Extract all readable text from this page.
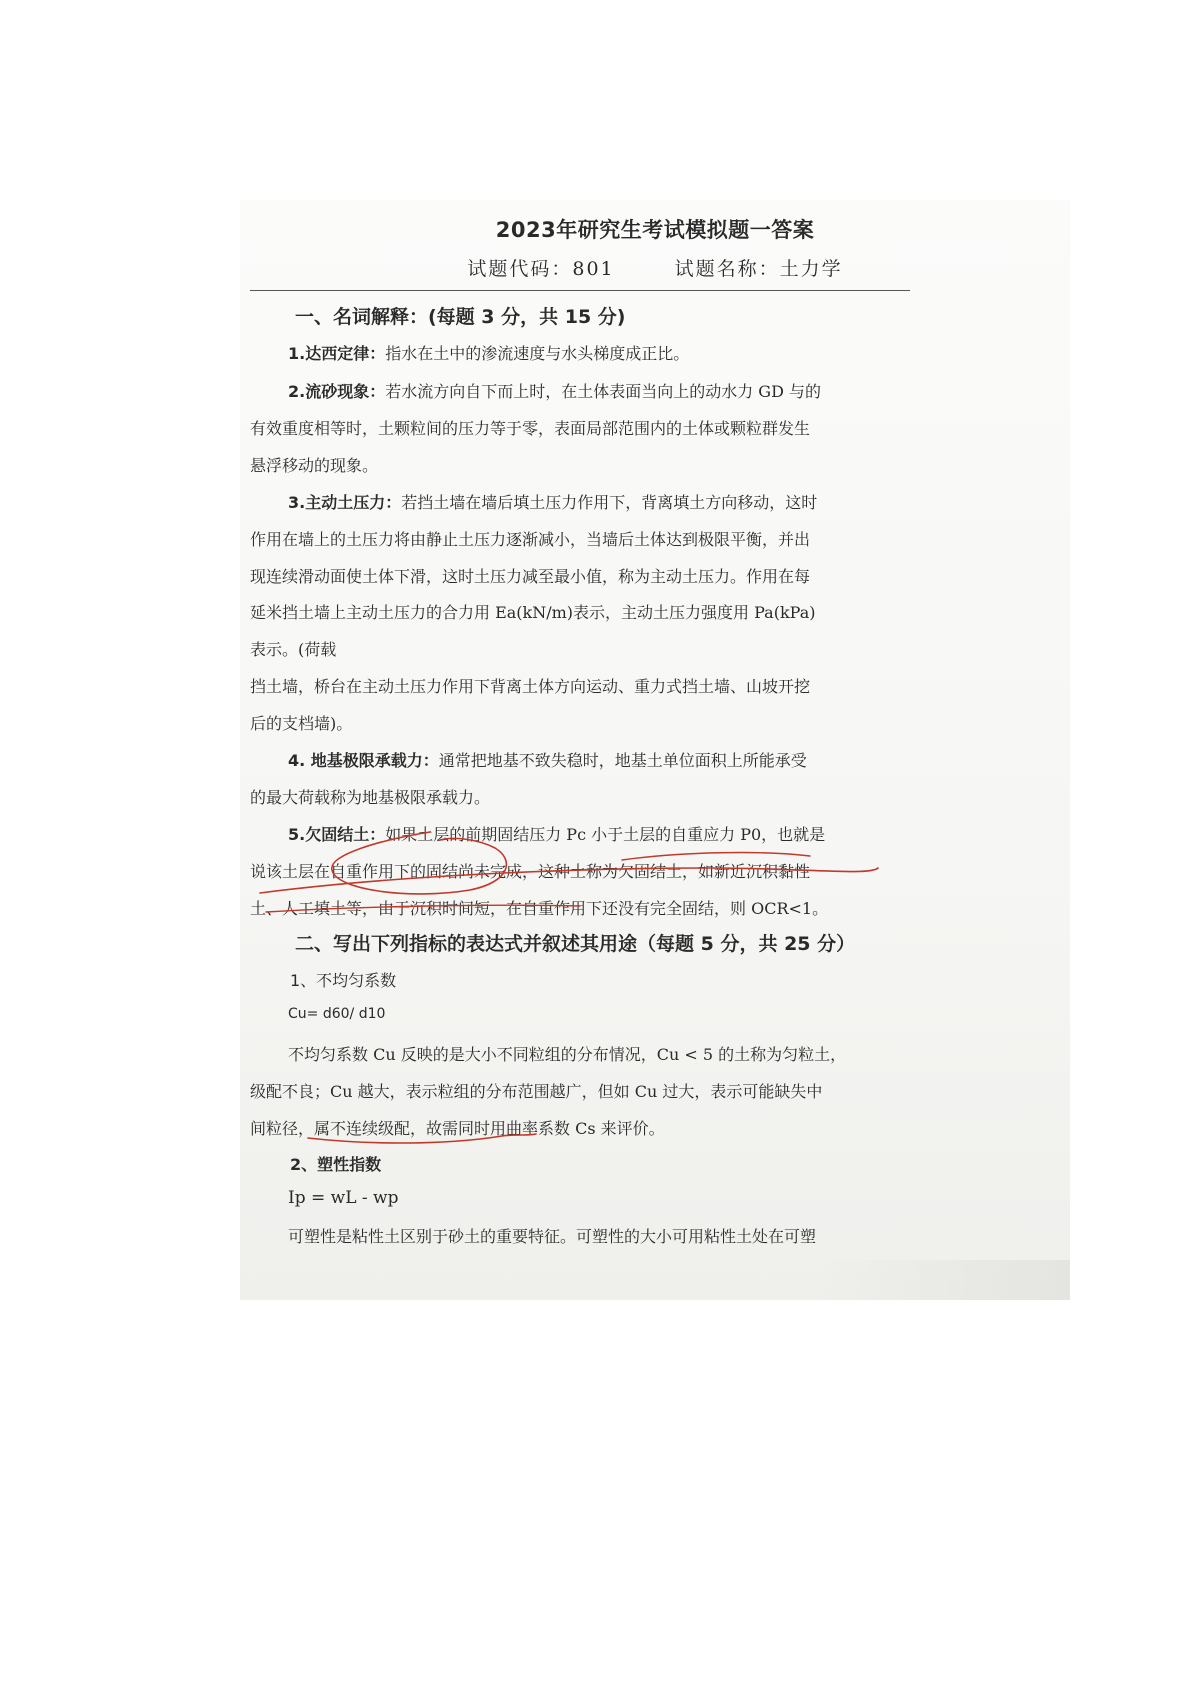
2023年研究生考试模拟题一答案
试题代码：801	试题名称：土力学
一、名词解释：(每题 3 分，共 15 分)
1.达西定律：指水在土中的渗流速度与水头梯度成正比。
2.流砂现象：若水流方向自下而上时，在土体表面当向上的动水力 GD 与的
有效重度相等时，土颗粒间的压力等于零，表面局部范围内的土体或颗粒群发生
悬浮移动的现象。
3.主动土压力：若挡土墙在墙后填土压力作用下，背离填土方向移动，这时
作用在墙上的土压力将由静止土压力逐渐减小，当墙后土体达到极限平衡，并出
现连续滑动面使土体下滑，这时土压力减至最小值，称为主动土压力。作用在每
延米挡土墙上主动土压力的合力用 Ea(kN/m)表示，主动土压力强度用 Pa(kPa)
表示。(荷载
挡土墙，桥台在主动土压力作用下背离土体方向运动、重力式挡土墙、山坡开挖
后的支档墙)。
4. 地基极限承载力：通常把地基不致失稳时，地基土单位面积上所能承受
的最大荷载称为地基极限承载力。
5.欠固结土：如果土层的前期固结压力 Pc 小于土层的自重应力 P0，也就是
说该土层在自重作用下的固结尚未完成，这种土称为欠固结土，如新近沉积黏性
土、人工填土等，由于沉积时间短，在自重作用下还没有完全固结，则 OCR<1。
二、写出下列指标的表达式并叙述其用途（每题 5 分，共 25 分）
1、不均匀系数
Cu= d60/ d10
不均匀系数 Cu 反映的是大小不同粒组的分布情况，Cu < 5 的土称为匀粒土，
级配不良；Cu 越大，表示粒组的分布范围越广，但如 Cu 过大，表示可能缺失中
间粒径，属不连续级配，故需同时用曲率系数 Cs 来评价。
2、塑性指数
Ip = wL - wp
可塑性是粘性土区别于砂土的重要特征。可塑性的大小可用粘性土处在可塑
